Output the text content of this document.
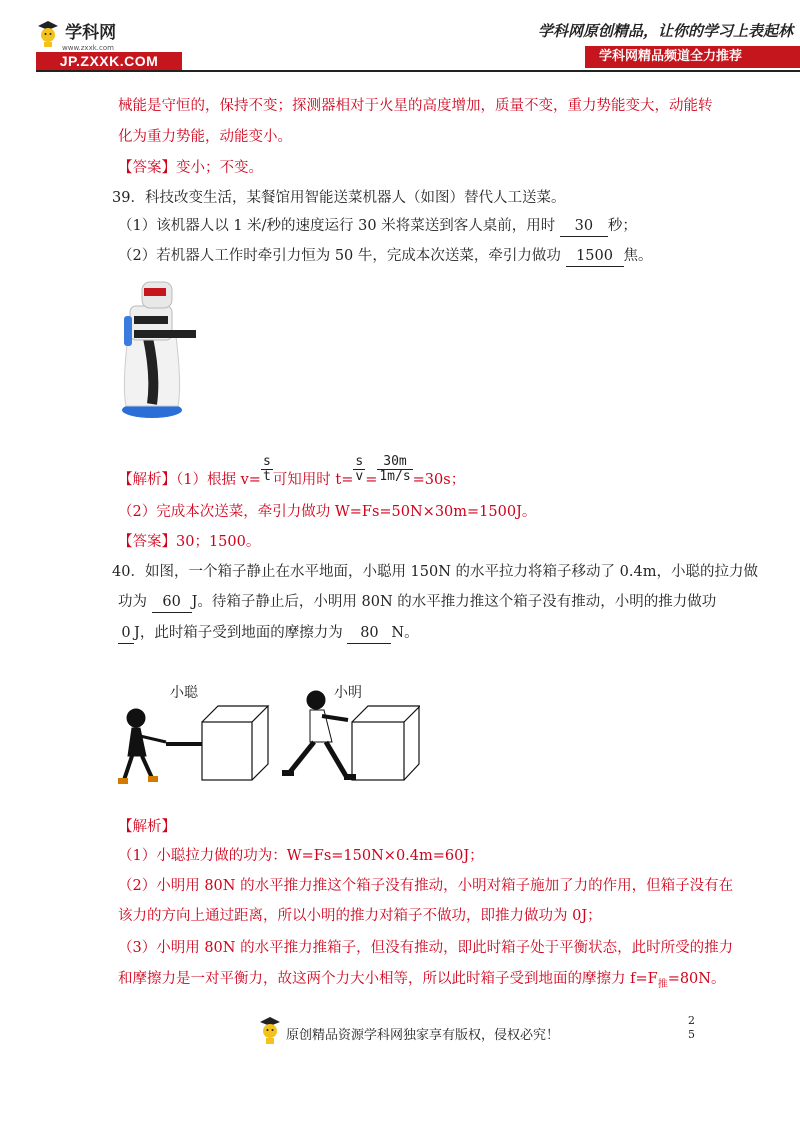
学科网
www.zxxk.com
JP.ZXXK.COM
学科网原创精品，让你的学习上表起林
学科网精品频道全力推荐
械能是守恒的，保持不变；探测器相对于火星的高度增加，质量不变，重力势能变大，动能转
化为重力势能，动能变小。
【答案】变小；不变。
39．科技改变生活，某餐馆用智能送菜机器人（如图）替代人工送菜。
（1）该机器人以 1 米/秒的速度运行 30 米将菜送到客人桌前，用时 30 秒；
（2）若机器人工作时牵引力恒为 50 牛，完成本次送菜，牵引力做功 1500 焦。
【解析】（1）根据 $v= \frac{s}{t}$ 可知用时 $t= \frac{s}{v} = \frac{30m}{1m/s} =30s$；
（2）完成本次送菜，牵引力做功 W=Fs=50N×30m=1500J。
【答案】30；1500。
40．如图，一个箱子静止在水平地面，小聪用 150N 的水平拉力将箱子移动了 0.4m，小聪的拉力做
功为 60 J。待箱子静止后，小明用 80N 的水平推力推这个箱子没有推动，小明的推力做功
0 J，此时箱子受到地面的摩擦力为 80 N。
小聪	小明
【解析】
（1）小聪拉力做的功为：W=Fs=150N×0.4m=60J；
（2）小明用 80N 的水平推力推这个箱子没有推动，小明对箱子施加了力的作用，但箱子没有在
该力的方向上通过距离，所以小明的推力对箱子不做功，即推力做功为 0J；
（3）小明用 80N 的水平推力推箱子，但没有推动，即此时箱子处于平衡状态，此时所受的推力
和摩擦力是一对平衡力，故这两个力大小相等，所以此时箱子受到地面的摩擦力 $f=F_推=80N$。
原创精品资源学科网独家享有版权，侵权必究！
2
5
